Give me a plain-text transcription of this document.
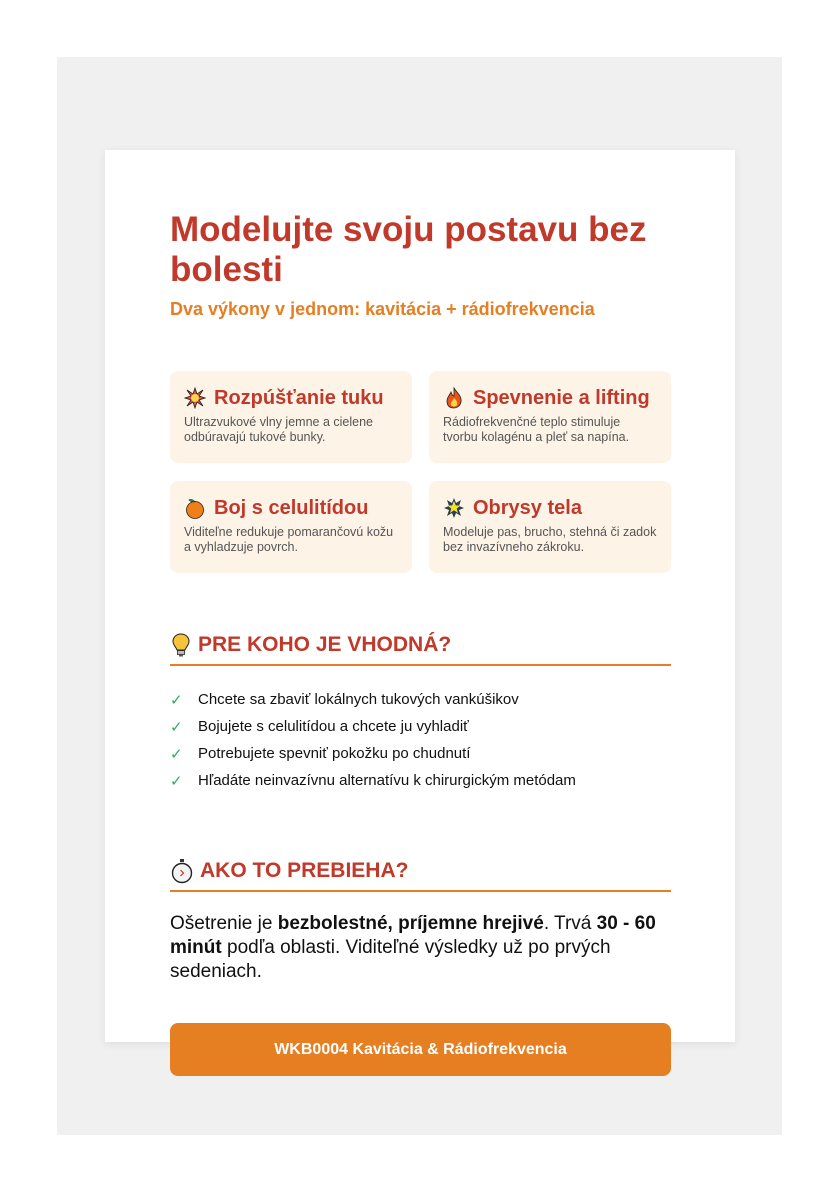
Modelujte svoju postavu bez bolesti
Dva výkony v jednom: kavitácia + rádiofrekvencia
Rozpúšťanie tuku
Ultrazvukové vlny jemne a cielene odbúravajú tukové bunky.
Spevnenie a lifting
Rádiofrekvenčné teplo stimuluje tvorbu kolagénu a pleť sa napína.
Boj s celulitídou
Viditeľne redukuje pomarančovú kožu a vyhladzuje povrch.
Obrysy tela
Modeluje pas, brucho, stehná či zadok bez invazívneho zákroku.
PRE KOHO JE VHODNÁ?
✓	Chcete sa zbaviť lokálnych tukových vankúšikov
✓	Bojujete s celulitídou a chcete ju vyhladiť
✓	Potrebujete spevniť pokožku po chudnutí
✓	Hľadáte neinvazívnu alternatívu k chirurgickým metódam
AKO TO PREBIEHA?
Ošetrenie je bezbolestné, príjemne hrejivé. Trvá 30 - 60 minút podľa oblasti. Viditeľné výsledky už po prvých sedeniach.
WKB0004 Kavitácia & Rádiofrekvencia
